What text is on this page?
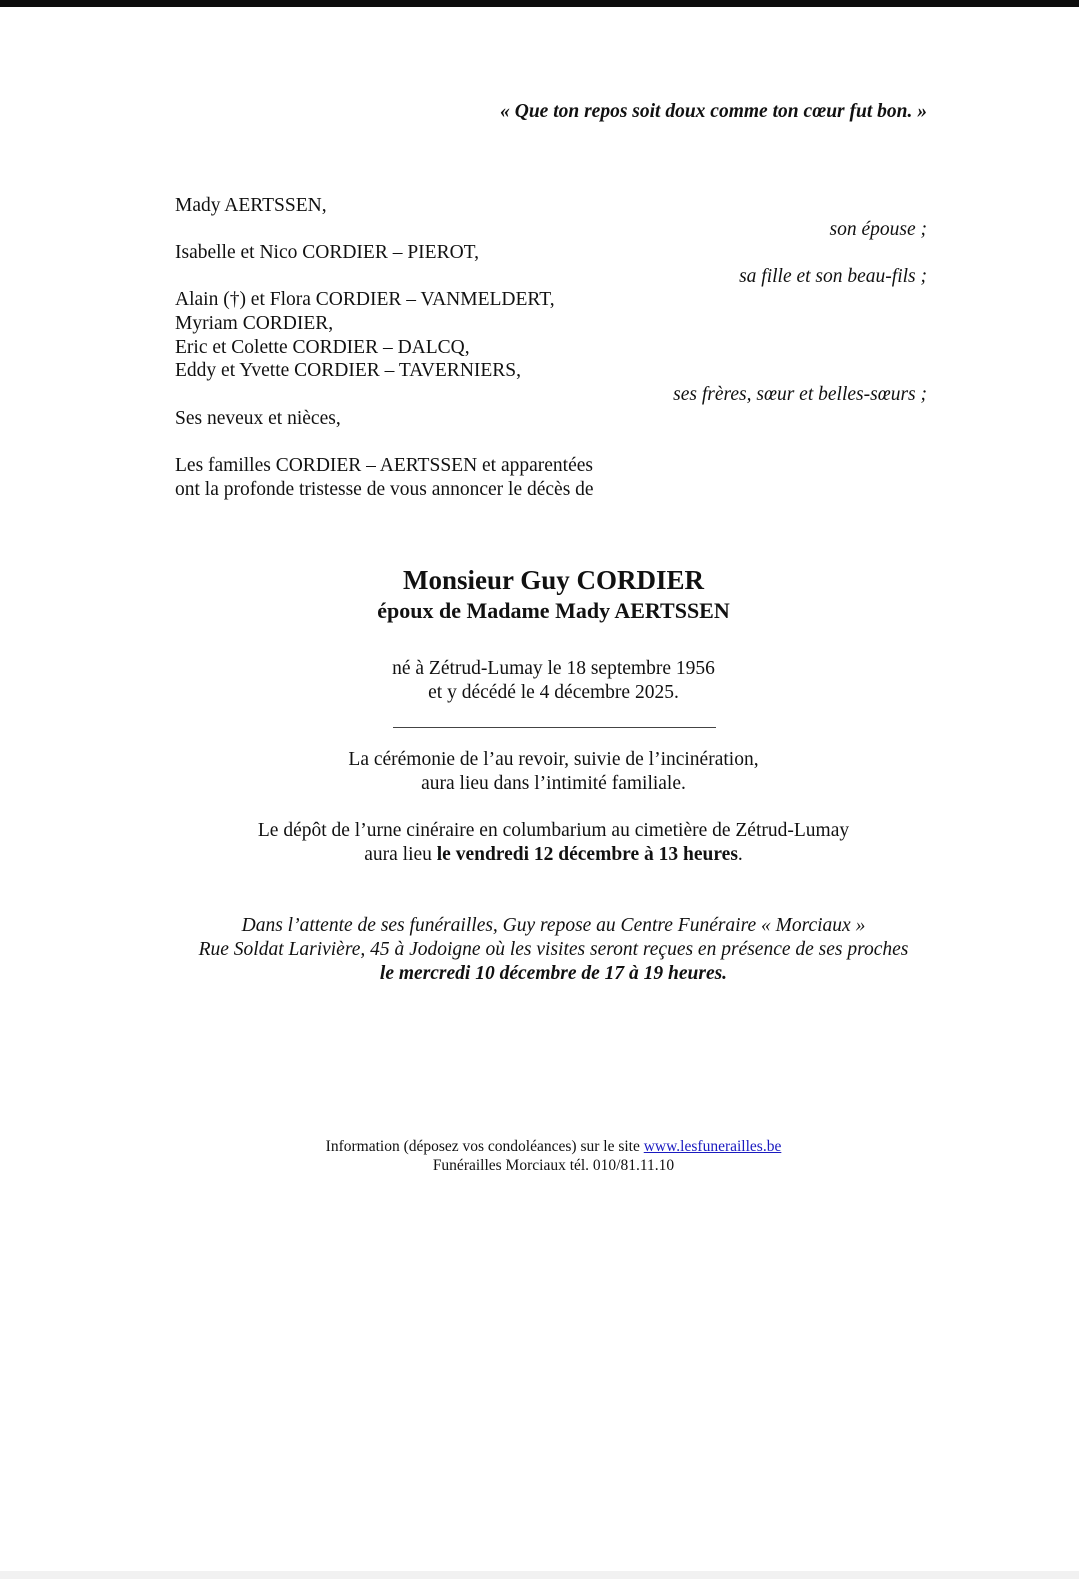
« Que ton repos soit doux comme ton cœur fut bon. »
Mady AERTSSEN,
son épouse ;
Isabelle et Nico CORDIER – PIEROT,
sa fille et son beau-fils ;
Alain (†) et Flora CORDIER – VANMELDERT,
Myriam CORDIER,
Eric et Colette CORDIER – DALCQ,
Eddy et Yvette CORDIER – TAVERNIERS,
ses frères, sœur et belles-sœurs ;
Ses neveux et nièces,
Les familles CORDIER – AERTSSEN et apparentées
ont la profonde tristesse de vous annoncer le décès de
Monsieur Guy CORDIER
époux de Madame Mady AERTSSEN
né à Zétrud-Lumay le 18 septembre 1956
et y décédé le 4 décembre 2025.
La cérémonie de l’au revoir, suivie de l’incinération,
aura lieu dans l’intimité familiale.
Le dépôt de l’urne cinéraire en columbarium au cimetière de Zétrud-Lumay
aura lieu le vendredi 12 décembre à 13 heures.
Dans l’attente de ses funérailles, Guy repose au Centre Funéraire « Morciaux »
Rue Soldat Larivière, 45 à Jodoigne où les visites seront reçues en présence de ses proches
le mercredi 10 décembre de 17 à 19 heures.
Information (déposez vos condoléances) sur le site www.lesfunerailles.be
Funérailles Morciaux tél. 010/81.11.10
